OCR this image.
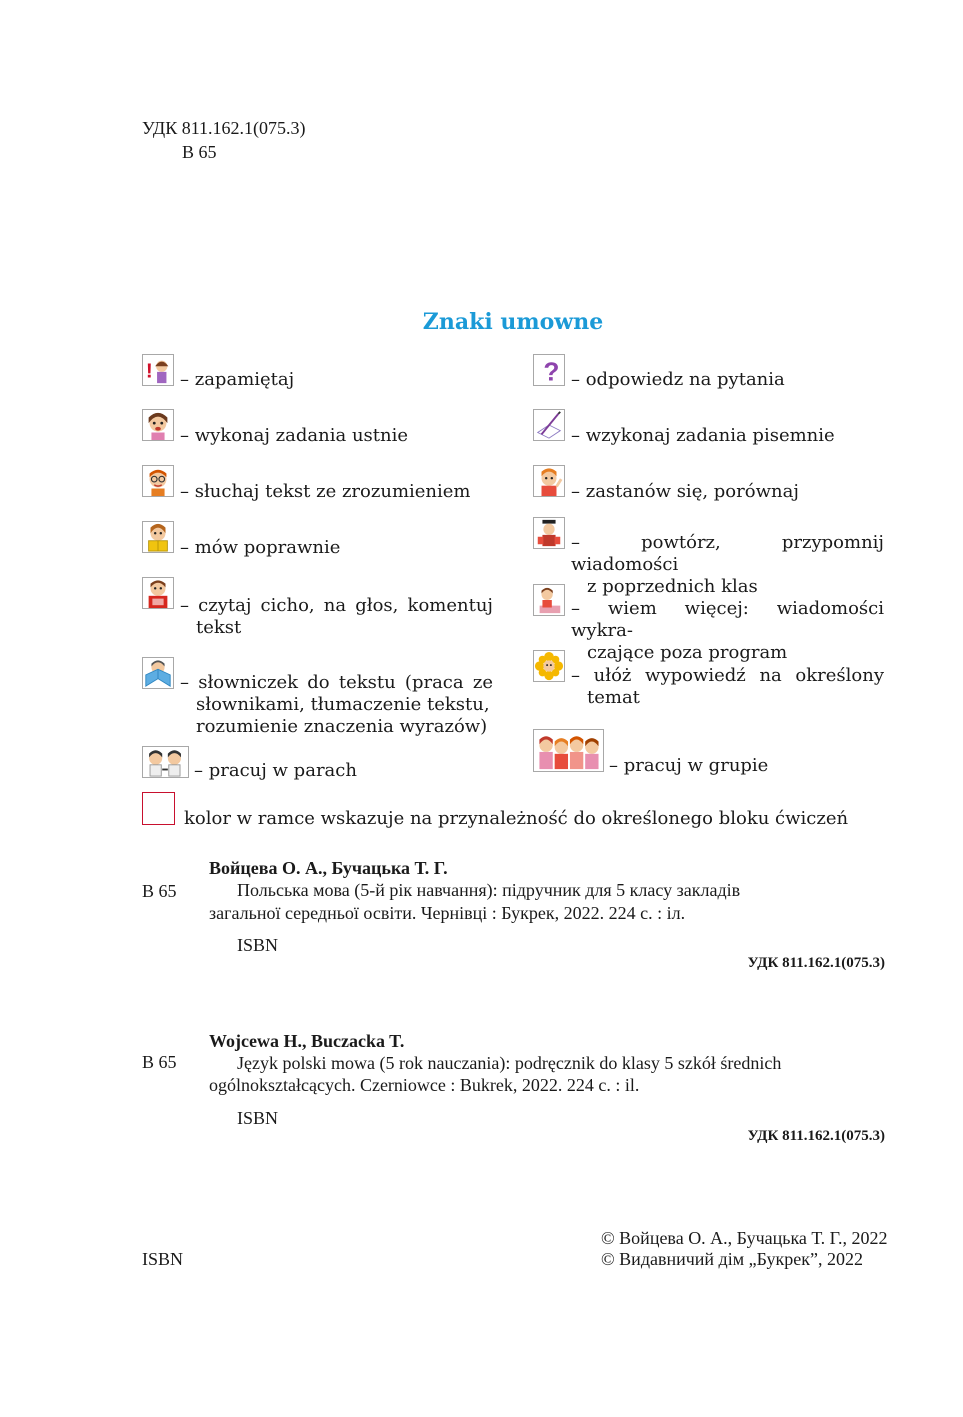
УДК 811.162.1(075.3)
В 65
Znaki umowne
! – zapamiętaj
– wykonaj zadania ustnie
– słuchaj tekst ze zrozumieniem
– mów poprawnie
– czytaj cicho, na głos, komentuj
tekst
– słowniczek do tekstu (praca ze
słownikami, tłumaczenie tekstu,
rozumienie znaczenia wyrazów)
– pracuj w parach
? – odpowiedz na pytania
– wzykonaj zadania pisemnie
– zastanów się, porównaj
– powtórz, przypomnij wiadomości
z poprzednich klas
– wiem więcej: wiadomości wykra-
czające poza program
– ułóż wypowiedź na określony
temat
– pracuj w grupie
kolor w ramce wskazuje na przynależność do określonego bloku ćwiczeń
Войцева О. А., Бучацька Т. Г.
В 65	Польська мова (5-й рік навчання): підручник для 5 класу закладів
загальної середньої освіти. Чернівці : Букрек, 2022. 224 с. : іл.
ISBN
УДК 811.162.1(075.3)
Wojcewa H., Buczacka T.
В 65	Język polski mowa (5 rok nauczania): podręcznik do klasy 5 szkół średnich
ogólnokształcących. Czerniowce : Bukrek, 2022. 224 c. : il.
ISBN
УДК 811.162.1(075.3)
ISBN
© Войцева О. А., Бучацька Т. Г., 2022
© Видавничий дім „Букрек”, 2022
